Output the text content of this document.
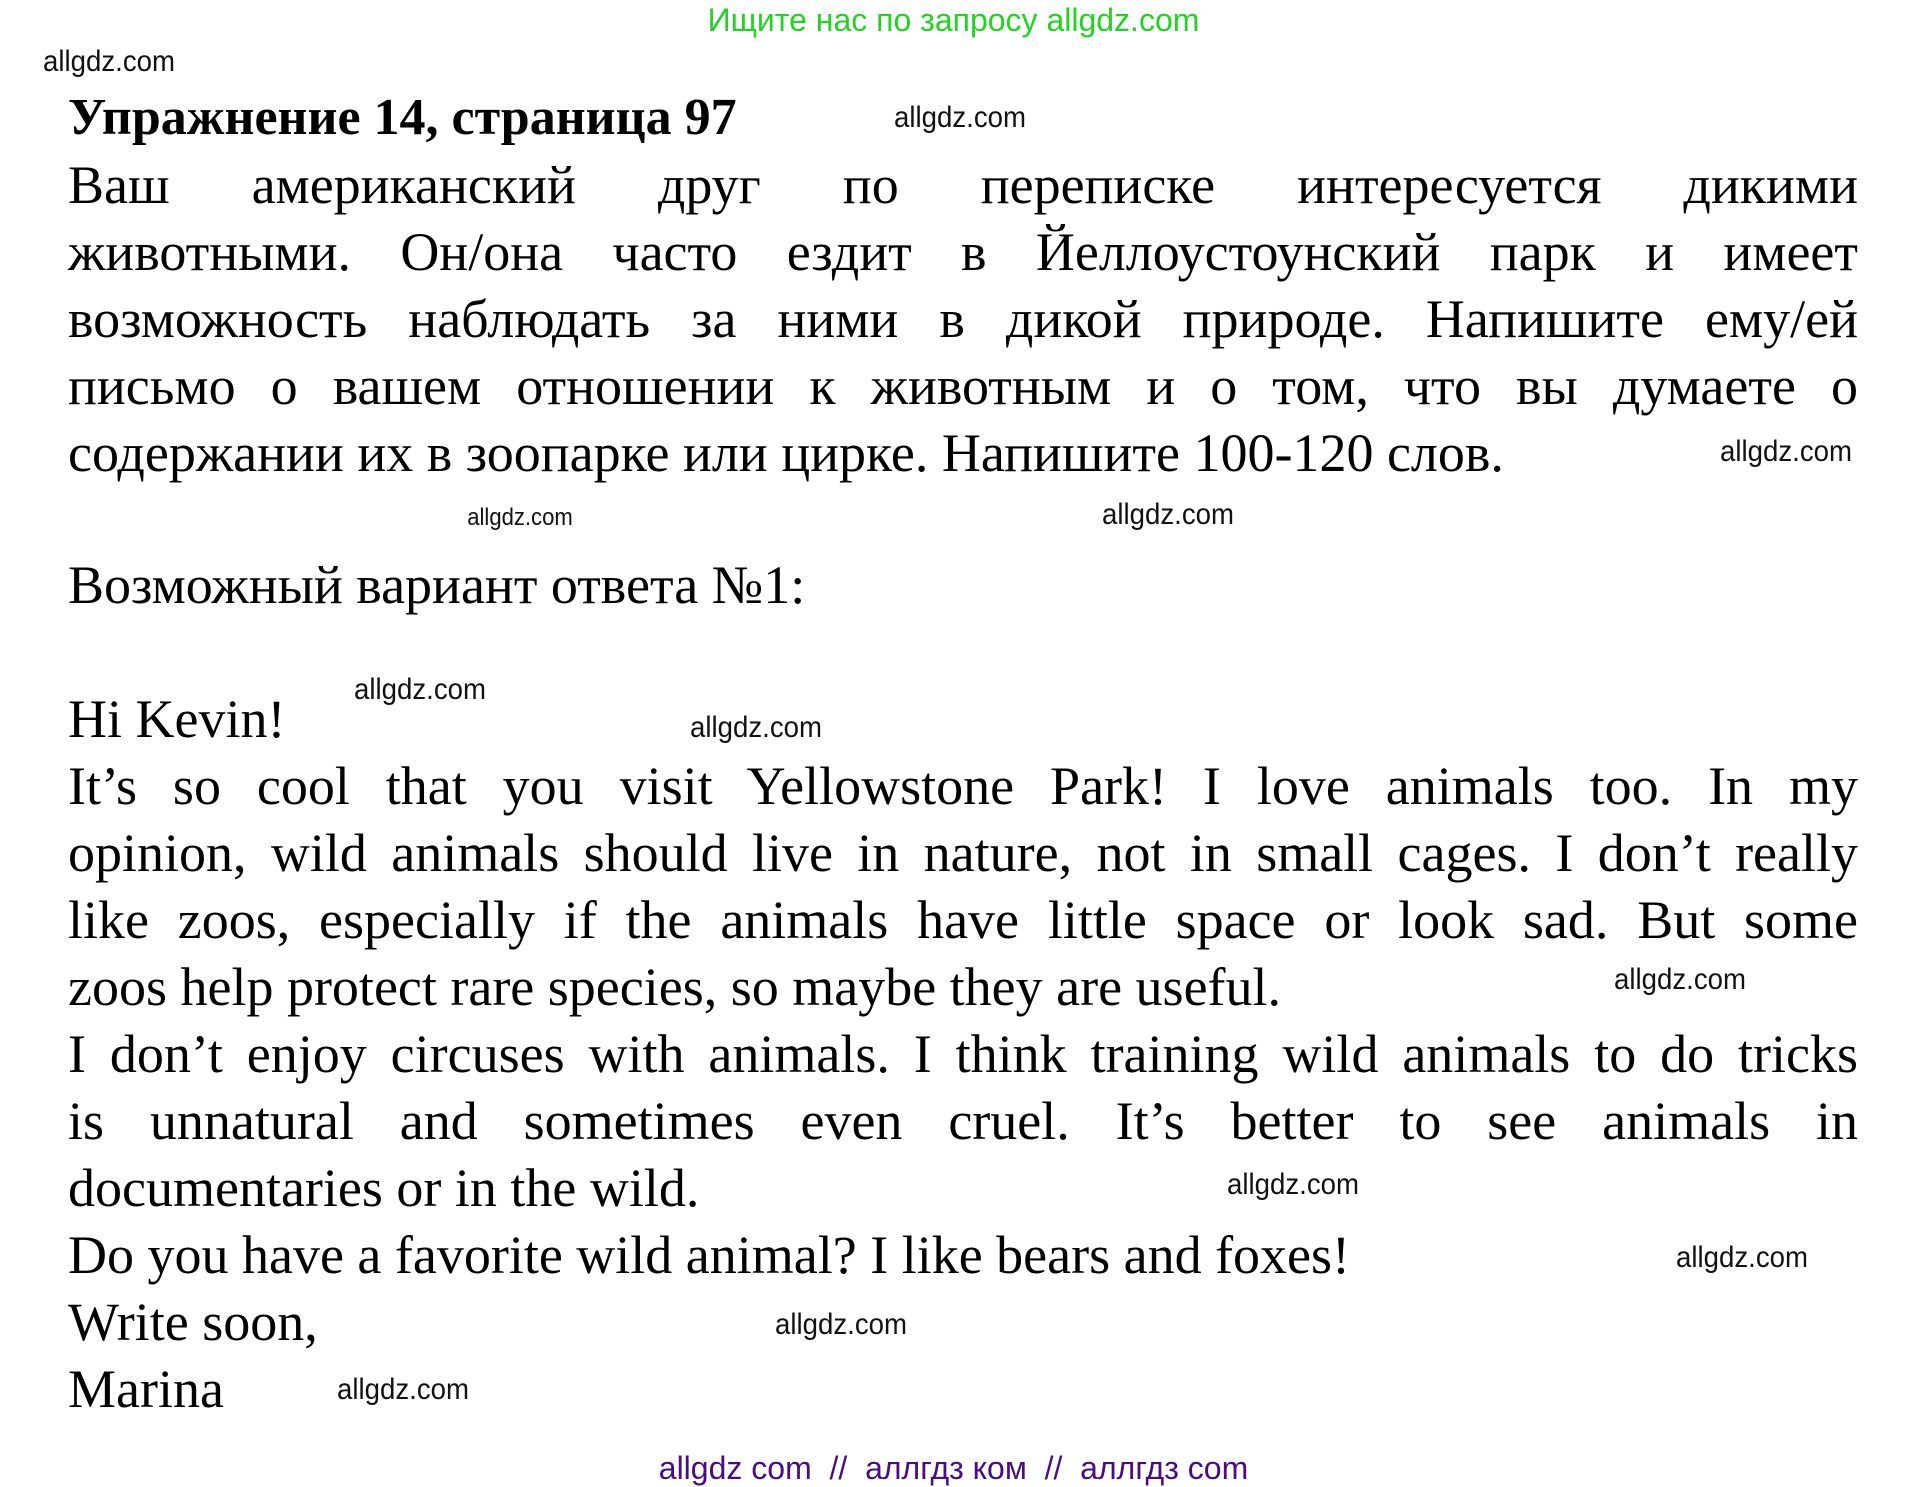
Ищите нас по запросу allgdz.com
Упражнение 14, страница 97
Ваш американский друг по переписке интересуется дикими
животными. Он/она часто ездит в Йеллоустоунский парк и имеет
возможность наблюдать за ними в дикой природе. Напишите ему/ей
письмо о вашем отношении к животным и о том, что вы думаете о
содержании их в зоопарке или цирке. Напишите 100-120 слов.
Возможный вариант ответа №1:
Hi Kevin!
It’s so cool that you visit Yellowstone Park! I love animals too. In my
opinion, wild animals should live in nature, not in small cages. I don’t really
like zoos, especially if the animals have little space or look sad. But some
zoos help protect rare species, so maybe they are useful.
I don’t enjoy circuses with animals. I think training wild animals to do tricks
is unnatural and sometimes even cruel. It’s better to see animals in
documentaries or in the wild.
Do you have a favorite wild animal? I like bears and foxes!
Write soon,
Marina
allgdz.com
allgdz.com
allgdz.com
allgdz.com
allgdz.com
allgdz.com
allgdz.com
allgdz.com
allgdz.com
allgdz.com
allgdz.com
allgdz.com
allgdz com  //  аллгдз ком  //  аллгдз com
